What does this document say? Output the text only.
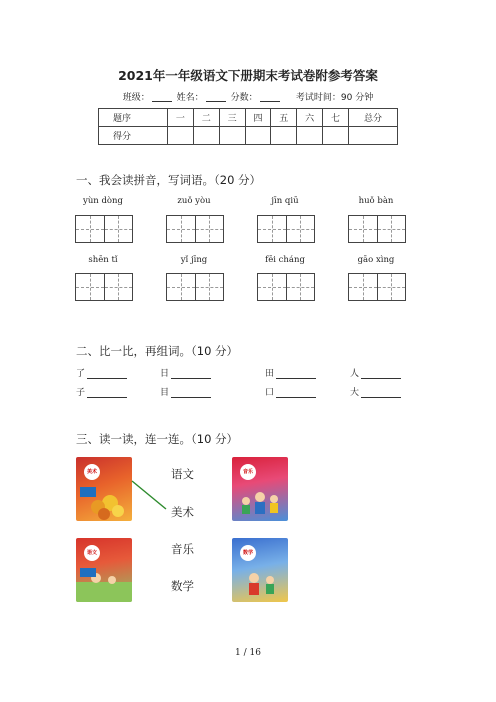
2021年一年级语文下册期末考试卷附参考答案
班级：	姓名：	分数：	考试时间：90 分钟
题序	一	二	三	四	五	六	七	总分
得分								
一、我会读拼音，写词语。（20 分）
yùn dòng	zuǒ yòu	jīn qiū	huǒ bàn
shēn tǐ	yǐ jīng	fēi cháng	gāo xìng
二、比一比，再组词。（10 分）
了	日	田	人
子	目	口	大
三、读一读，连一连。（10 分）
美术	音乐
语文	数学
语文
美术
音乐
数学
1 / 16
